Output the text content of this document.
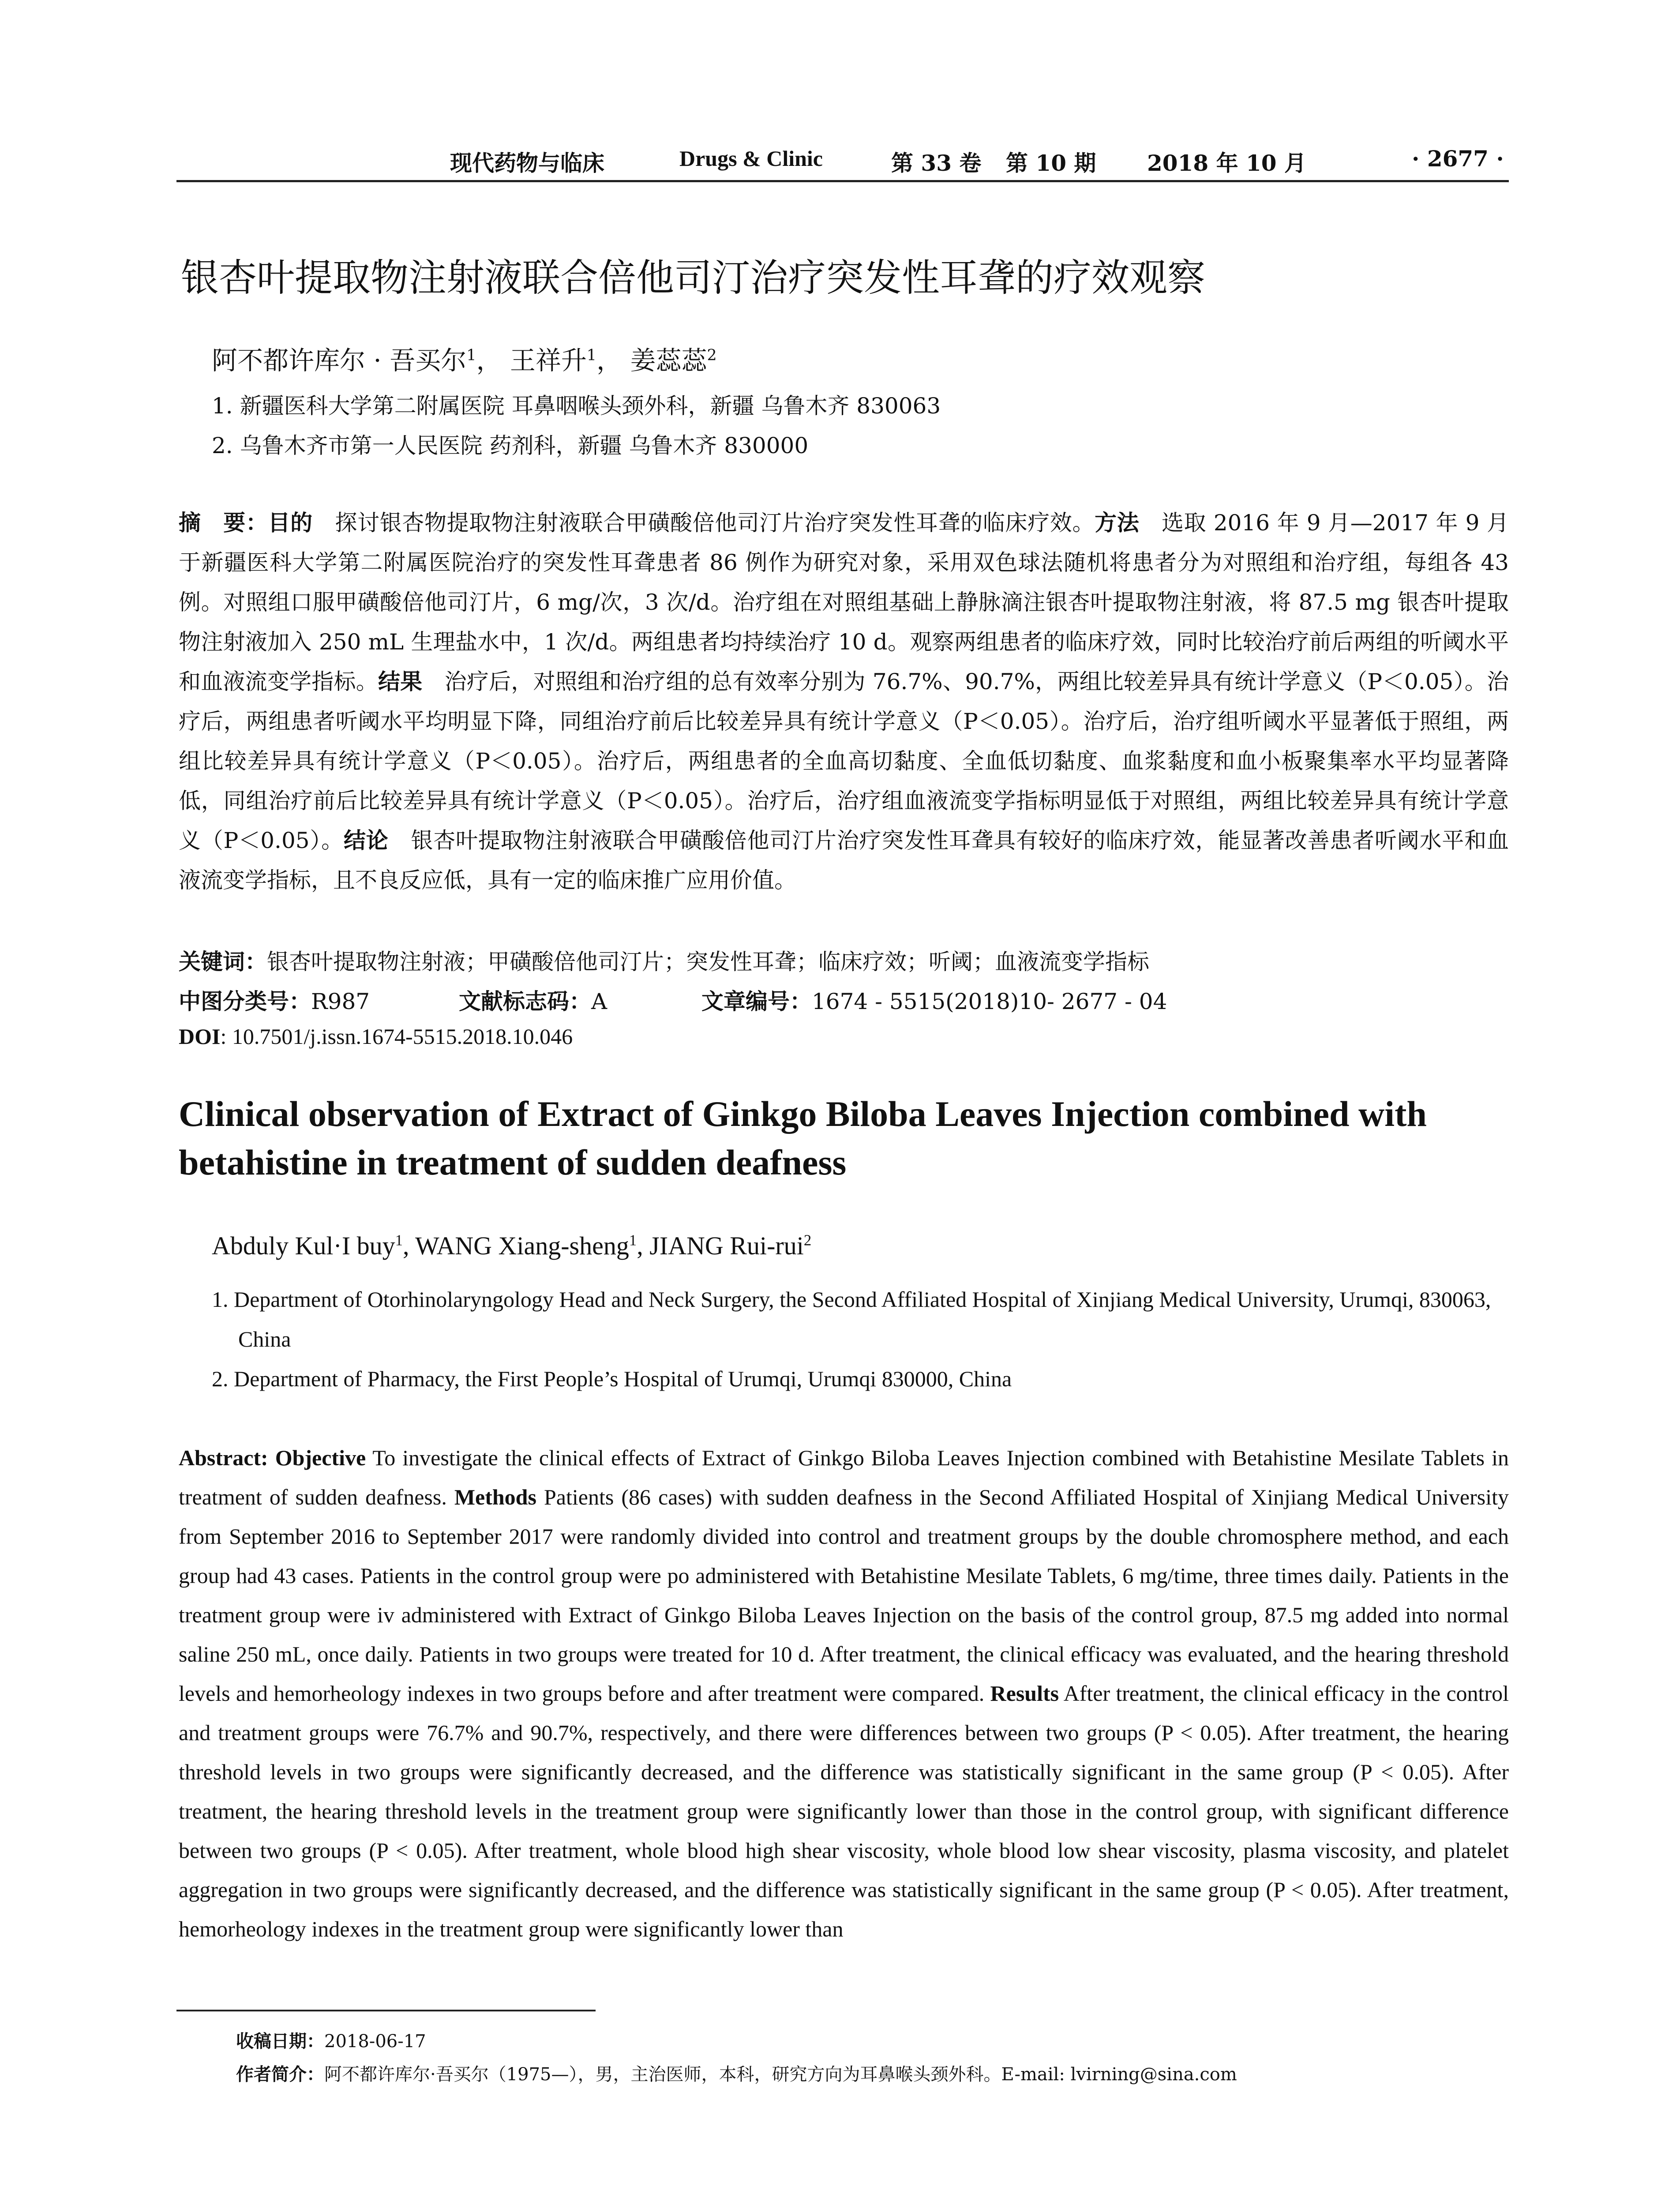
现代药物与临床	Drugs & Clinic	第 33 卷 第 10 期 2018 年 10 月	· 2677 ·
银杏叶提取物注射液联合倍他司汀治疗突发性耳聋的疗效观察
阿不都许库尔 · 吾买尔$^1$， 王祥升$^1$， 姜蕊蕊$^2$
1. 新疆医科大学第二附属医院 耳鼻咽喉头颈外科，新疆 乌鲁木齐 830063
2. 乌鲁木齐市第一人民医院 药剂科，新疆 乌鲁木齐 830000
摘　要：目的　探讨银杏物提取物注射液联合甲磺酸倍他司汀片治疗突发性耳聋的临床疗效。方法　选取 2016 年 9 月—2017 年 9 月于新疆医科大学第二附属医院治疗的突发性耳聋患者 86 例作为研究对象，采用双色球法随机将患者分为对照组和治疗组，每组各 43 例。对照组口服甲磺酸倍他司汀片，6 mg/次，3 次/d。治疗组在对照组基础上静脉滴注银杏叶提取物注射液，将 87.5 mg 银杏叶提取物注射液加入 250 mL 生理盐水中，1 次/d。两组患者均持续治疗 10 d。观察两组患者的临床疗效，同时比较治疗前后两组的听阈水平和血液流变学指标。结果　治疗后，对照组和治疗组的总有效率分别为 76.7%、90.7%，两组比较差异具有统计学意义（P＜0.05）。治疗后，两组患者听阈水平均明显下降，同组治疗前后比较差异具有统计学意义（P＜0.05）。治疗后，治疗组听阈水平显著低于照组，两组比较差异具有统计学意义（P＜0.05）。治疗后，两组患者的全血高切黏度、全血低切黏度、血浆黏度和血小板聚集率水平均显著降低，同组治疗前后比较差异具有统计学意义（P＜0.05）。治疗后，治疗组血液流变学指标明显低于对照组，两组比较差异具有统计学意义（P＜0.05）。结论　银杏叶提取物注射液联合甲磺酸倍他司汀片治疗突发性耳聋具有较好的临床疗效，能显著改善患者听阈水平和血液流变学指标，且不良反应低，具有一定的临床推广应用价值。
关键词：银杏叶提取物注射液；甲磺酸倍他司汀片；突发性耳聋；临床疗效；听阈；血液流变学指标
中图分类号：R987	文献标志码：A	文章编号：1674 - 5515(2018)10- 2677 - 04
DOI: 10.7501/j.issn.1674-5515.2018.10.046
Clinical observation of Extract of Ginkgo Biloba Leaves Injection combined with betahistine in treatment of sudden deafness
Abduly Kul·I buy$^1$, WANG Xiang-sheng$^1$, JIANG Rui-rui$^2$
1. Department of Otorhinolaryngology Head and Neck Surgery, the Second Affiliated Hospital of Xinjiang Medical University, Urumqi, 830063, China
2. Department of Pharmacy, the First People’s Hospital of Urumqi, Urumqi 830000, China
Abstract: Objective To investigate the clinical effects of Extract of Ginkgo Biloba Leaves Injection combined with Betahistine Mesilate Tablets in treatment of sudden deafness. Methods Patients (86 cases) with sudden deafness in the Second Affiliated Hospital of Xinjiang Medical University from September 2016 to September 2017 were randomly divided into control and treatment groups by the double chromosphere method, and each group had 43 cases. Patients in the control group were po administered with Betahistine Mesilate Tablets, 6 mg/time, three times daily. Patients in the treatment group were iv administered with Extract of Ginkgo Biloba Leaves Injection on the basis of the control group, 87.5 mg added into normal saline 250 mL, once daily. Patients in two groups were treated for 10 d. After treatment, the clinical efficacy was evaluated, and the hearing threshold levels and hemorheology indexes in two groups before and after treatment were compared. Results After treatment, the clinical efficacy in the control and treatment groups were 76.7% and 90.7%, respectively, and there were differences between two groups (P < 0.05). After treatment, the hearing threshold levels in two groups were significantly decreased, and the difference was statistically significant in the same group (P < 0.05). After treatment, the hearing threshold levels in the treatment group were significantly lower than those in the control group, with significant difference between two groups (P < 0.05). After treatment, whole blood high shear viscosity, whole blood low shear viscosity, plasma viscosity, and platelet aggregation in two groups were significantly decreased, and the difference was statistically significant in the same group (P < 0.05). After treatment, hemorheology indexes in the treatment group were significantly lower than
收稿日期：2018-06-17
作者简介：阿不都许库尔·吾买尔（1975—），男，主治医师，本科，研究方向为耳鼻喉头颈外科。E-mail: lvirning@sina.com
